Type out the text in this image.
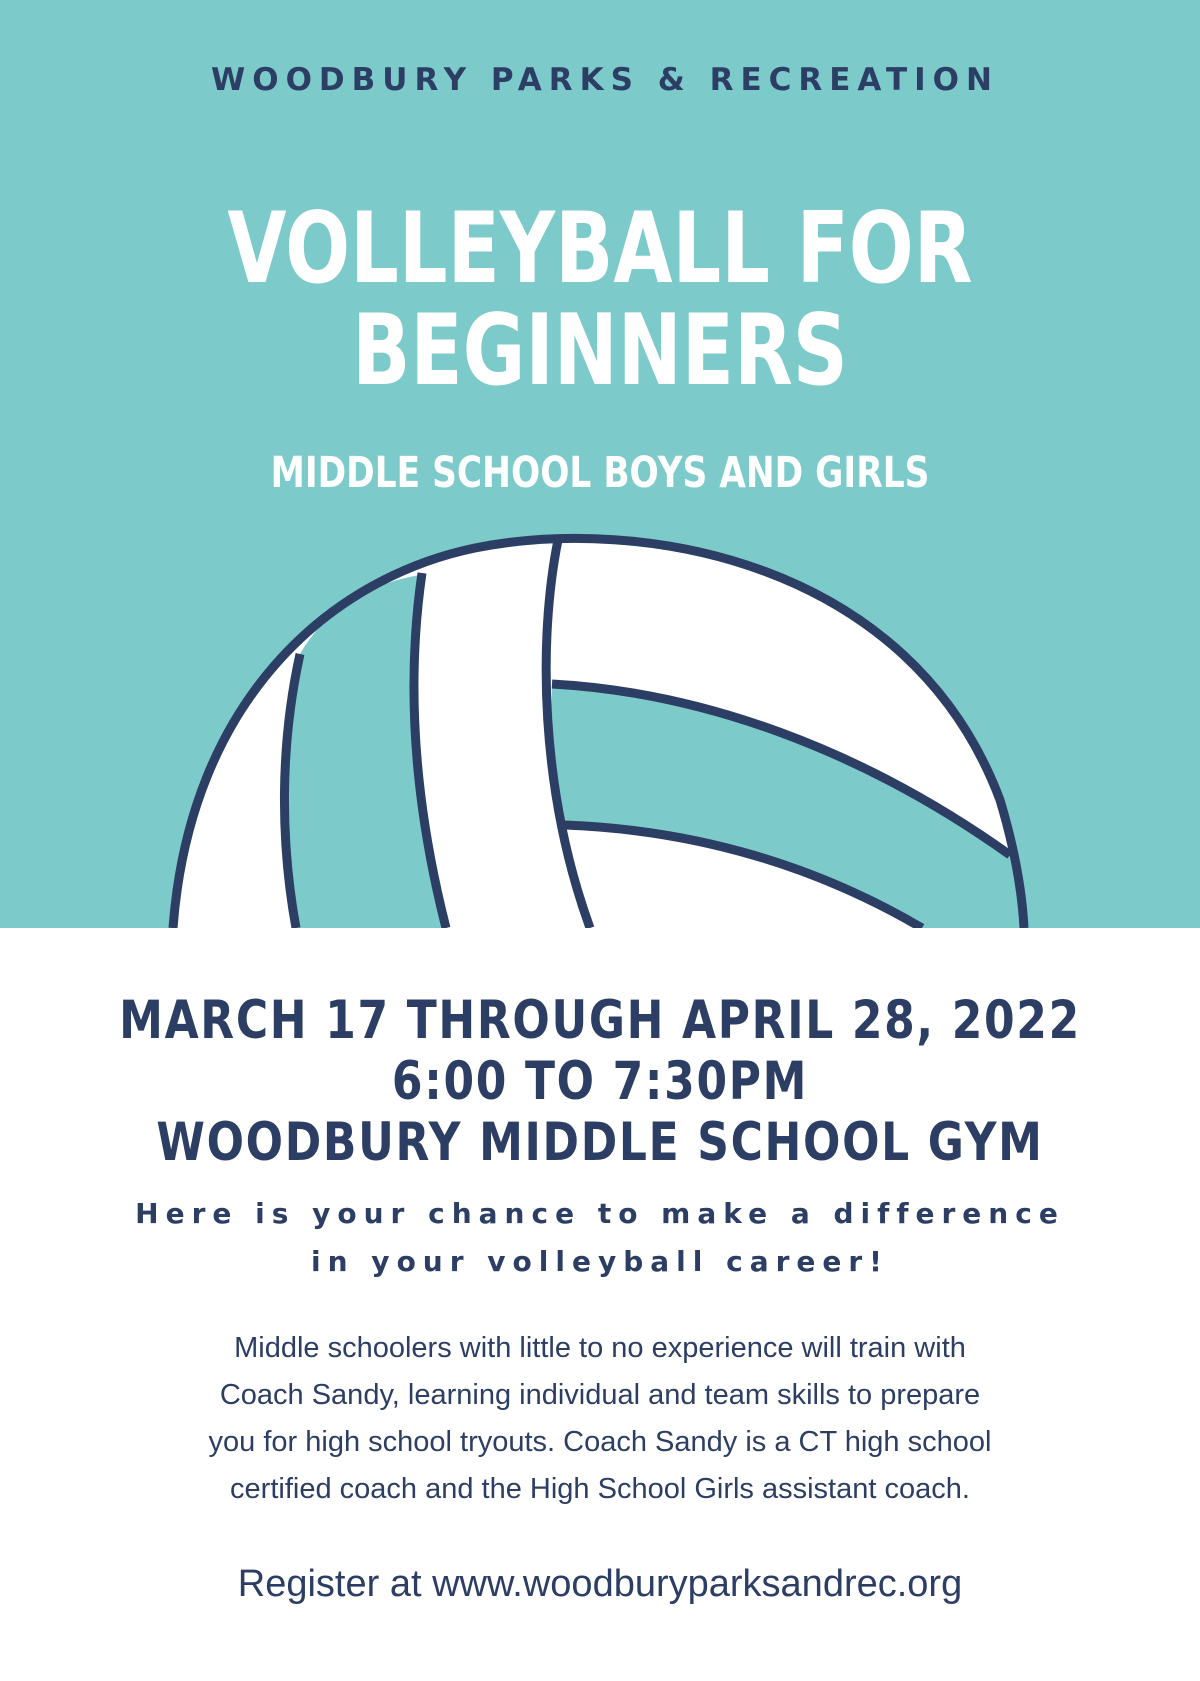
WOODBURY PARKS & RECREATION
VOLLEYBALL FOR
BEGINNERS
MIDDLE SCHOOL BOYS AND GIRLS
MARCH 17 THROUGH APRIL 28, 2022
6:00 TO 7:30PM
WOODBURY MIDDLE SCHOOL GYM
Here is your chance to make a difference
in your volleyball career!
Middle schoolers with little to no experience will train with
Coach Sandy, learning individual and team skills to prepare
you for high school tryouts. Coach Sandy is a CT high school
certified coach and the High School Girls assistant coach.
Register at www.woodburyparksandrec.org
